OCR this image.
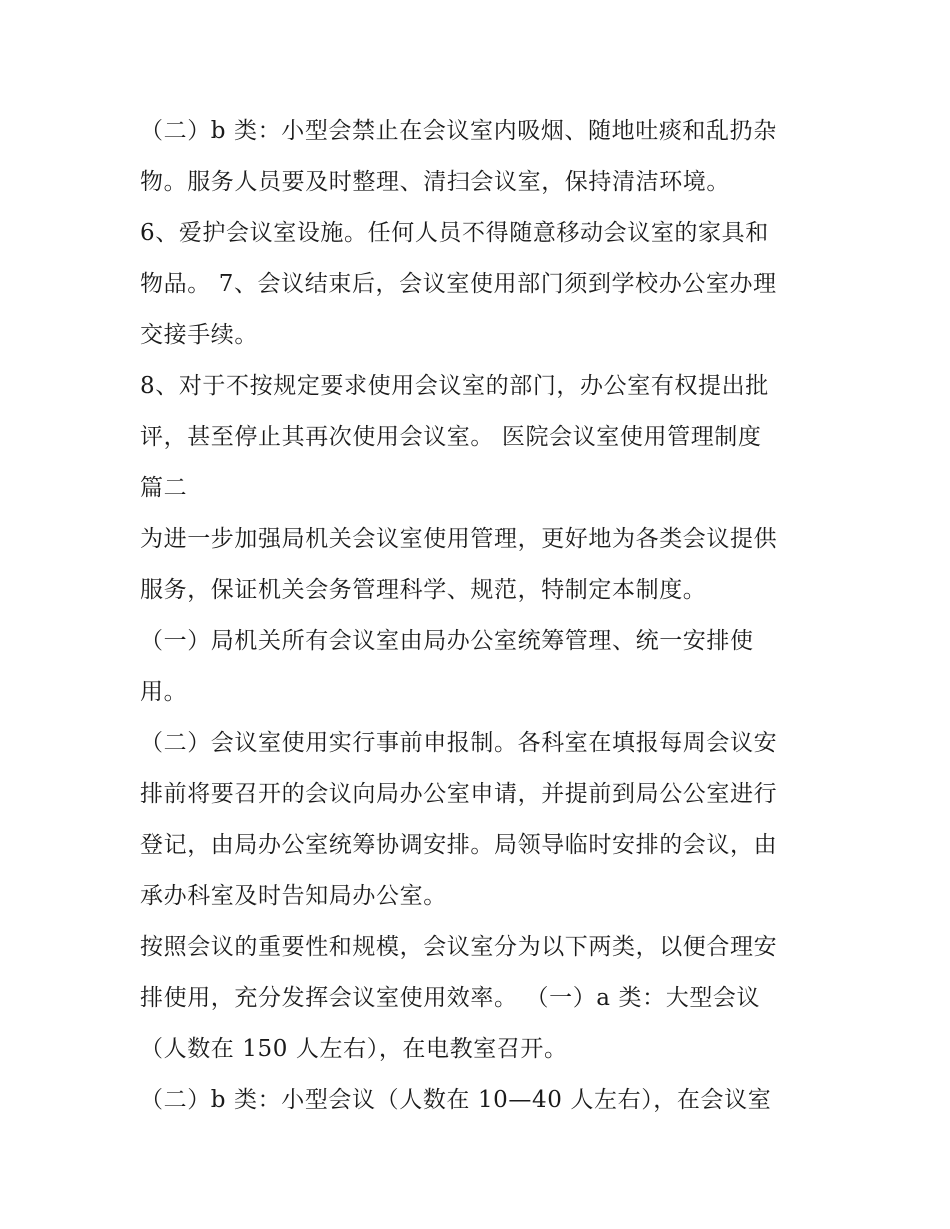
（二）b 类：小型会禁止在会议室内吸烟、随地吐痰和乱扔杂
物。服务人员要及时整理、清扫会议室，保持清洁环境。
6、爱护会议室设施。任何人员不得随意移动会议室的家具和
物品。 7、会议结束后，会议室使用部门须到学校办公室办理
交接手续。
8、对于不按规定要求使用会议室的部门，办公室有权提出批
评，甚至停止其再次使用会议室。 医院会议室使用管理制度
篇二
为进一步加强局机关会议室使用管理，更好地为各类会议提供
服务，保证机关会务管理科学、规范，特制定本制度。
（一）局机关所有会议室由局办公室统筹管理、统一安排使
用。
（二）会议室使用实行事前申报制。各科室在填报每周会议安
排前将要召开的会议向局办公室申请，并提前到局公公室进行
登记，由局办公室统筹协调安排。局领导临时安排的会议，由
承办科室及时告知局办公室。
按照会议的重要性和规模，会议室分为以下两类，以便合理安
排使用，充分发挥会议室使用效率。 （一）a 类：大型会议
（人数在 150 人左右），在电教室召开。
（二）b 类：小型会议（人数在 10—40 人左右），在会议室
